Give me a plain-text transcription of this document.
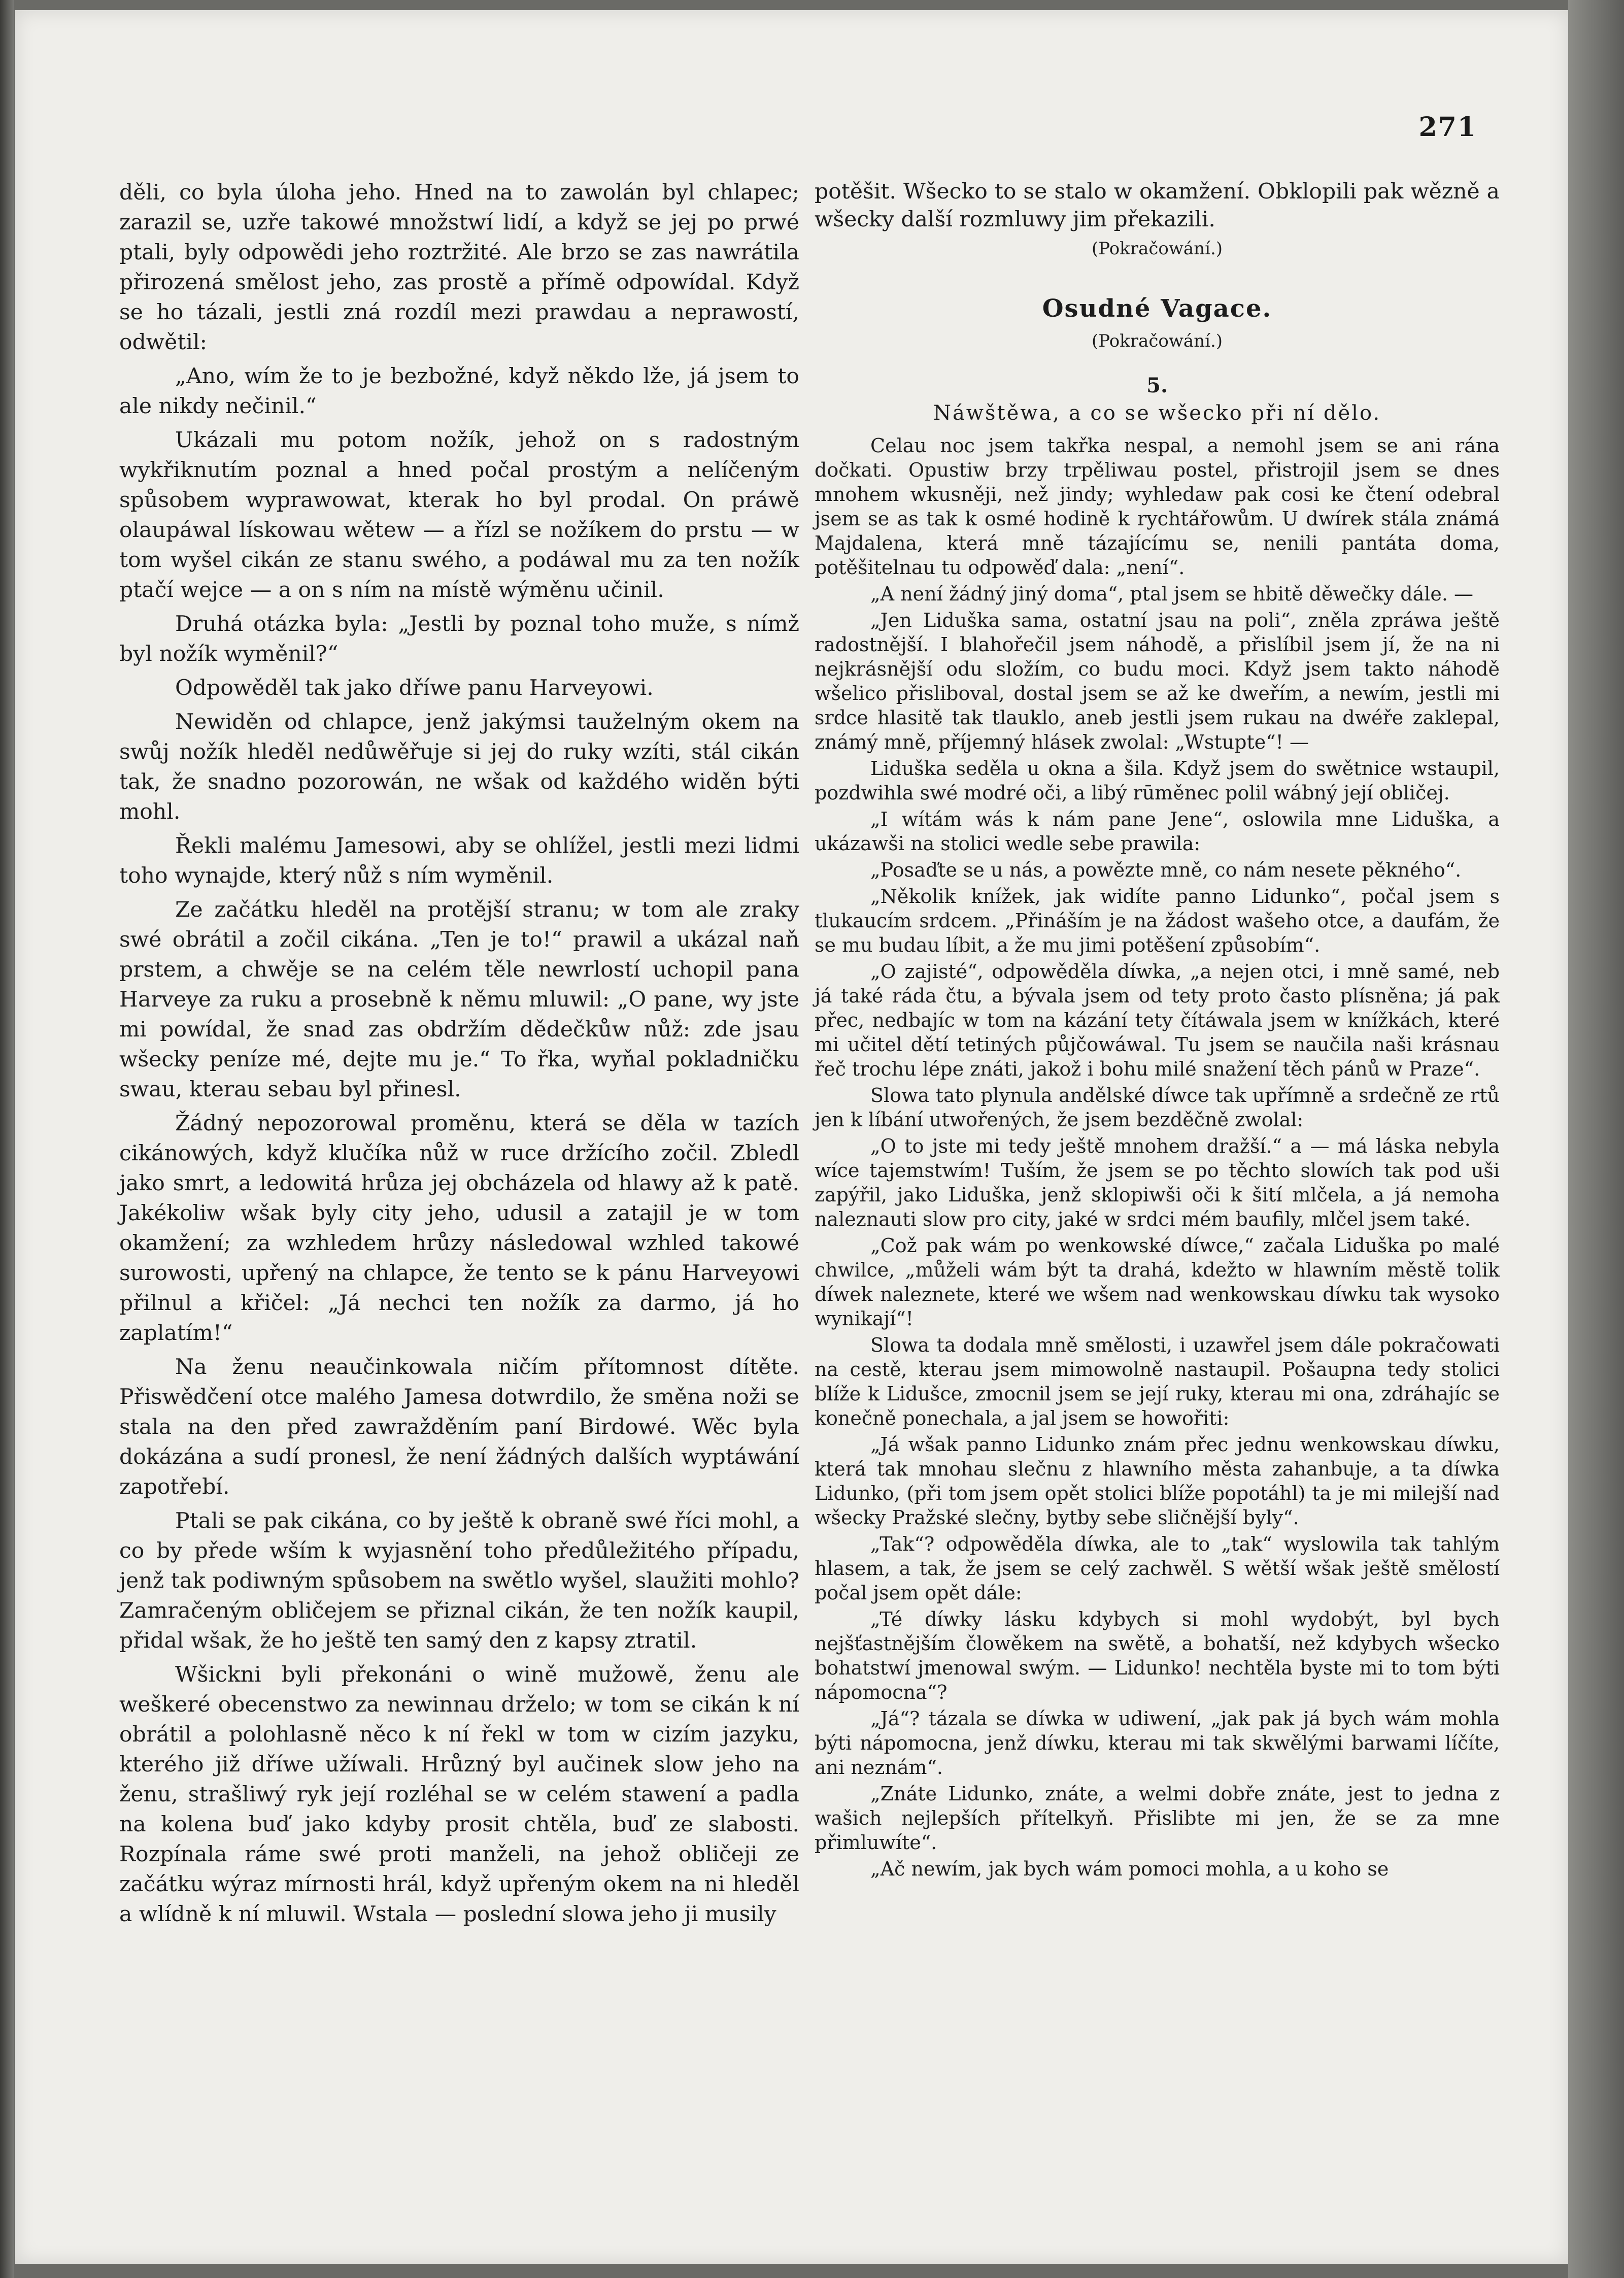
271

děli, co byla úloha jeho. Hned na to zawolán byl chlapec; zarazil se, uzře takowé množstwí lidí, a když se jej po prwé ptali, byly odpowědi jeho roztržité. Ale brzo se zas nawrátila přirozená smělost jeho, zas prostě a přímě odpowídal. Když se ho tázali, jestli zná rozdíl mezi prawdau a neprawostí, odwětil:

„Ano, wím že to je bezbožné, když někdo lže, já jsem to ale nikdy nečinil.“

Ukázali mu potom nožík, jehož on s radostným wykřiknutím poznal a hned počal prostým a nelíčeným spůsobem wyprawowat, kterak ho byl prodal. On práwě olaupáwal lískowau wětew — a řízl se nožíkem do prstu — w tom wyšel cikán ze stanu swého, a podáwal mu za ten nožík ptačí wejce — a on s ním na místě wýměnu učinil.

Druhá otázka byla: „Jestli by poznal toho muže, s nímž byl nožík wyměnil?“

Odpowěděl tak jako dříwe panu Harveyowi.

Newiděn od chlapce, jenž jakýmsi tauželným okem na swůj nožík hleděl nedůwěřuje si jej do ruky wzíti, stál cikán tak, že snadno pozorowán, ne wšak od každého widěn býti mohl.

Řekli malému Jamesowi, aby se ohlížel, jestli mezi lidmi toho wynajde, který nůž s ním wyměnil.

Ze začátku hleděl na protější stranu; w tom ale zraky swé obrátil a zočil cikána. „Ten je to!“ prawil a ukázal naň prstem, a chwěje se na celém těle newrlostí uchopil pana Harveye za ruku a prosebně k němu mluwil: „O pane, wy jste mi powídal, že snad zas obdržím dědečkůw nůž: zde jsau wšecky peníze mé, dejte mu je.“ To řka, wyňal pokladničku swau, kterau sebau byl přinesl.

Žádný nepozorowal proměnu, která se děla w tazích cikánowých, když klučíka nůž w ruce držícího zočil. Zbledl jako smrt, a ledowitá hrůza jej obcházela od hlawy až k patě. Jakékoliw wšak byly city jeho, udusil a zatajil je w tom okamžení; za wzhledem hrůzy následowal wzhled takowé surowosti, upřený na chlapce, že tento se k pánu Harveyowi přilnul a křičel: „Já nechci ten nožík za darmo, já ho zaplatím!“

Na ženu neaučinkowala ničím přítomnost dítěte. Přiswědčení otce malého Jamesa dotwrdilo, že směna noži se stala na den před zawražděním paní Birdowé. Wěc byla dokázána a sudí pronesl, že není žádných dalších wyptáwání zapotřebí.

Ptali se pak cikána, co by ještě k obraně swé říci mohl, a co by přede wším k wyjasnění toho předůležitého případu, jenž tak podiwným spůsobem na swětlo wyšel, slaužiti mohlo? Zamračeným obličejem se přiznal cikán, že ten nožík kaupil, přidal wšak, že ho ještě ten samý den z kapsy ztratil.

Wšickni byli překonáni o wině mužowě, ženu ale weškeré obecenstwo za newinnau drželo; w tom se cikán k ní obrátil a polohlasně něco k ní řekl w tom w cizím jazyku, kterého již dříwe užíwali. Hrůzný byl aučinek slow jeho na ženu, strašliwý ryk její rozléhal se w celém stawení a padla na kolena buď jako kdyby prosit chtěla, buď ze slabosti. Rozpínala ráme swé proti manželi, na jehož obličeji ze začátku wýraz mírnosti hrál, když upřeným okem na ni hleděl a wlídně k ní mluwil. Wstala — poslední slowa jeho ji musily

potěšit. Wšecko to se stalo w okamžení. Obklopili pak wězně a wšecky další rozmluwy jim překazili.

(Pokračowání.)

Osudné Vagace.

(Pokračowání.)

5.

Náwštěwa, a co se wšecko při ní dělo.

Celau noc jsem takřka nespal, a nemohl jsem se ani rána dočkati. Opustiw brzy trpěliwau postel, přistrojil jsem se dnes mnohem wkusněji, než jindy; wyhledaw pak cosi ke čtení odebral jsem se as tak k osmé hodině k rychtářowům. U dwírek stála známá Majdalena, která mně tázajícímu se, nenili pantáta doma, potěšitelnau tu odpowěď dala: „není“.

„A není žádný jiný doma“, ptal jsem se hbitě děwečky dále. —

„Jen Liduška sama, ostatní jsau na poli“, zněla zpráwa ještě radostnější. I blahořečil jsem náhodě, a přislíbil jsem jí, že na ni nejkrásnější odu složím, co budu moci. Když jsem takto náhodě wšelico přisliboval, dostal jsem se až ke dweřím, a newím, jestli mi srdce hlasitě tak tlauklo, aneb jestli jsem rukau na dwéře zaklepal, známý mně, příjemný hlásek zwolal: „Wstupte“! —

Liduška seděla u okna a šila. Když jsem do swětnice wstaupil, pozdwihla swé modré oči, a libý rūměnec polil wábný její obličej.

„I wítám wás k nám pane Jene“, oslowila mne Liduška, a ukázawši na stolici wedle sebe prawila:

„Posaďte se u nás, a powězte mně, co nám nesete pěkného“.

„Několik knížek, jak widíte panno Lidunko“, počal jsem s tlukaucím srdcem. „Přináším je na žádost wašeho otce, a daufám, že se mu budau líbit, a že mu jimi potěšení způsobím“.

„O zajisté“, odpowěděla díwka, „a nejen otci, i mně samé, neb já také ráda čtu, a bývala jsem od tety proto často plísněna; já pak přec, nedbajíc w tom na kázání tety čítáwala jsem w knížkách, které mi učitel dětí tetiných půjčowáwal. Tu jsem se naučila naši krásnau řeč trochu lépe znáti, jakož i bohu milé snažení těch pánů w Praze“.

Slowa tato plynula andělské díwce tak upřímně a srdečně ze rtů jen k líbání utwořených, že jsem bezděčně zwolal:

„O to jste mi tedy ještě mnohem dražší.“ a — má láska nebyla wíce tajemstwím! Tuším, že jsem se po těchto slowích tak pod uši zapýřil, jako Liduška, jenž sklopiwši oči k šití mlčela, a já nemoha naleznauti slow pro city, jaké w srdci mém baufily, mlčel jsem také.

„Což pak wám po wenkowské díwce,“ začala Liduška po malé chwilce, „můželi wám být ta drahá, kdežto w hlawním městě tolik díwek naleznete, které we wšem nad wenkowskau díwku tak wysoko wynikají“!

Slowa ta dodala mně smělosti, i uzawřel jsem dále pokračowati na cestě, kterau jsem mimowolně nastaupil. Pošaupna tedy stolici blíže k Lidušce, zmocnil jsem se její ruky, kterau mi ona, zdráhajíc se konečně ponechala, a jal jsem se howořiti:

„Já wšak panno Lidunko znám přec jednu wenkowskau díwku, která tak mnohau slečnu z hlawního města zahanbuje, a ta díwka Lidunko, (při tom jsem opět stolici blíže popotáhl) ta je mi milejší nad wšecky Pražské slečny, bytby sebe sličnější byly“.

„Tak“? odpowěděla díwka, ale to „tak“ wyslowila tak tahlým hlasem, a tak, že jsem se celý zachwěl. S wětší wšak ještě smělostí počal jsem opět dále:

„Té díwky lásku kdybych si mohl wydobýt, byl bych nejšťastnějším člowěkem na swětě, a bohatší, než kdybych wšecko bohatstwí jmenowal swým. — Lidunko! nechtěla byste mi to tom býti nápomocna“?

„Já“? tázala se díwka w udiwení, „jak pak já bych wám mohla býti nápomocna, jenž díwku, kterau mi tak skwělými barwami líčíte, ani neznám“.

„Znáte Lidunko, znáte, a welmi dobře znáte, jest to jedna z wašich nejlepších přítelkyň. Přislibte mi jen, že se za mne přimluwíte“.

„Ač newím, jak bych wám pomoci mohla, a u koho se
